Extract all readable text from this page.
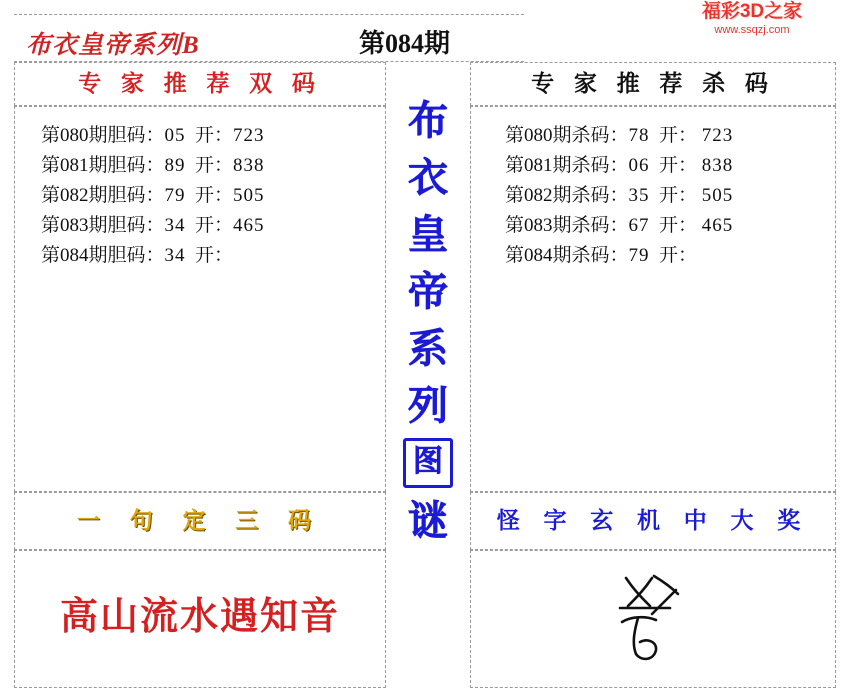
福彩3D之家
www.ssqzj.com
布衣皇帝系列B	第084期
专 家 推 荐 双 码
第080期胆码：05 开：723
第081期胆码：89 开：838
第082期胆码：79 开：505
第083期胆码：34 开：465
第084期胆码：34 开：
一 句 定 三 码
高山流水遇知音
布
衣
皇
帝
系
列
图
谜
专 家 推 荐 杀 码
第080期杀码：78 开： 723
第081期杀码：06 开： 838
第082期杀码：35 开： 505
第083期杀码：67 开： 465
第084期杀码：79 开：
怪 字 玄 机 中 大 奖
